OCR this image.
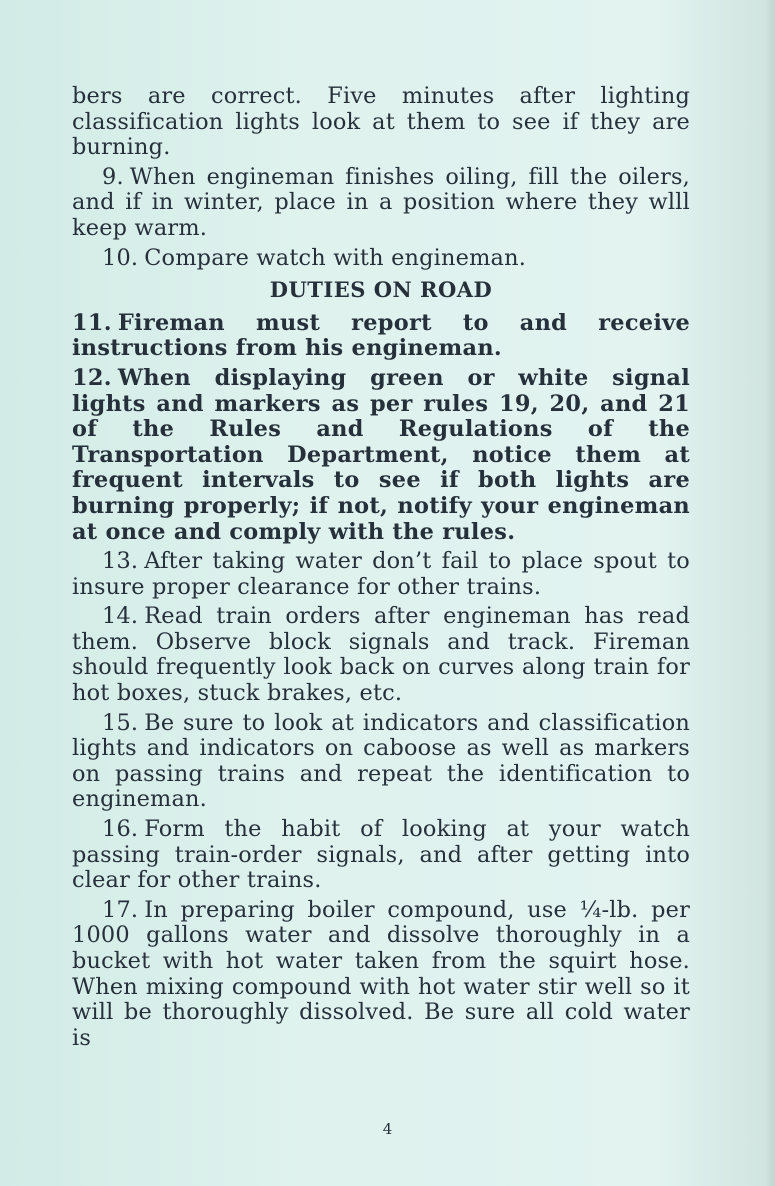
bers are correct. Five minutes after lighting classification lights look at them to see if they are burning.

9. When engineman finishes oiling, fill the oilers, and if in winter, place in a position where they wlll keep warm.

10. Compare watch with engineman.

DUTIES ON ROAD

11. Fireman must report to and receive instructions from his engineman.

12. When displaying green or white signal lights and markers as per rules 19, 20, and 21 of the Rules and Regulations of the Transportation Department, notice them at frequent intervals to see if both lights are burning properly; if not, notify your engineman at once and comply with the rules.

13. After taking water don’t fail to place spout to insure proper clearance for other trains.

14. Read train orders after engineman has read them. Observe block signals and track. Fireman should frequently look back on curves along train for hot boxes, stuck brakes, etc.

15. Be sure to look at indicators and classification lights and indicators on caboose as well as markers on passing trains and repeat the identification to engineman.

16. Form the habit of looking at your watch passing train-order signals, and after getting into clear for other trains.

17. In preparing boiler compound, use ¼-lb. per 1000 gallons water and dissolve thoroughly in a bucket with hot water taken from the squirt hose. When mixing compound with hot water stir well so it will be thoroughly dissolved. Be sure all cold water is

4
